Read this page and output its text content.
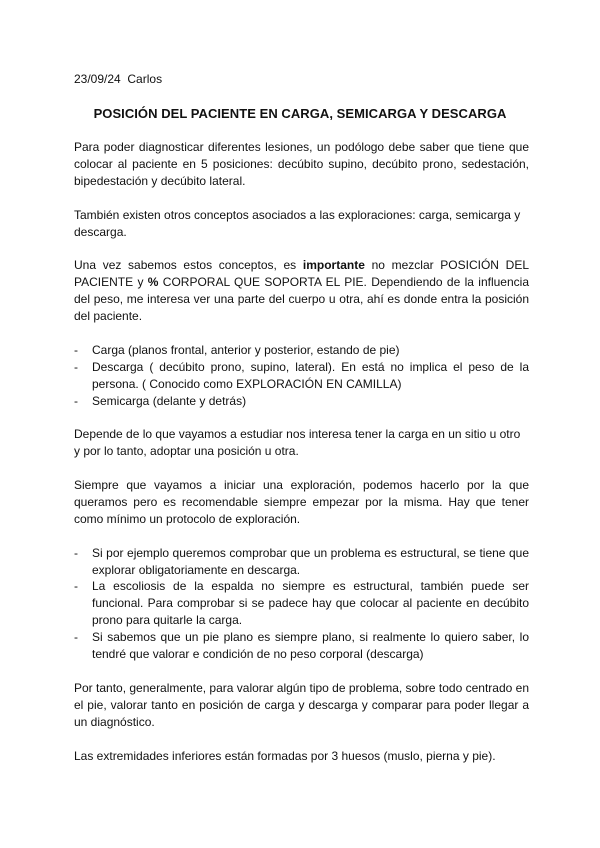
23/09/24 Carlos
POSICIÓN DEL PACIENTE EN CARGA, SEMICARGA Y DESCARGA

Para poder diagnosticar diferentes lesiones, un podólogo debe saber que tiene que colocar al paciente en 5 posiciones: decúbito supino, decúbito prono, sedestación, bipedestación y decúbito lateral.

También existen otros conceptos asociados a las exploraciones: carga, semicarga y descarga.

Una vez sabemos estos conceptos, es importante no mezclar POSICIÓN DEL PACIENTE y % CORPORAL QUE SOPORTA EL PIE. Dependiendo de la influencia del peso, me interesa ver una parte del cuerpo u otra, ahí es donde entra la posición del paciente.

- Carga (planos frontal, anterior y posterior, estando de pie)
- Descarga ( decúbito prono, supino, lateral). En está no implica el peso de la persona. ( Conocido como EXPLORACIÓN EN CAMILLA)
- Semicarga (delante y detrás)

Depende de lo que vayamos a estudiar nos interesa tener la carga en un sitio u otro y por lo tanto, adoptar una posición u otra.

Siempre que vayamos a iniciar una exploración, podemos hacerlo por la que queramos pero es recomendable siempre empezar por la misma. Hay que tener como mínimo un protocolo de exploración.

- Si por ejemplo queremos comprobar que un problema es estructural, se tiene que explorar obligatoriamente en descarga.
- La escoliosis de la espalda no siempre es estructural, también puede ser funcional. Para comprobar si se padece hay que colocar al paciente en decúbito prono para quitarle la carga.
- Si sabemos que un pie plano es siempre plano, si realmente lo quiero saber, lo tendré que valorar e condición de no peso corporal (descarga)

Por tanto, generalmente, para valorar algún tipo de problema, sobre todo centrado en el pie, valorar tanto en posición de carga y descarga y comparar para poder llegar a un diagnóstico.

Las extremidades inferiores están formadas por 3 huesos (muslo, pierna y pie).
